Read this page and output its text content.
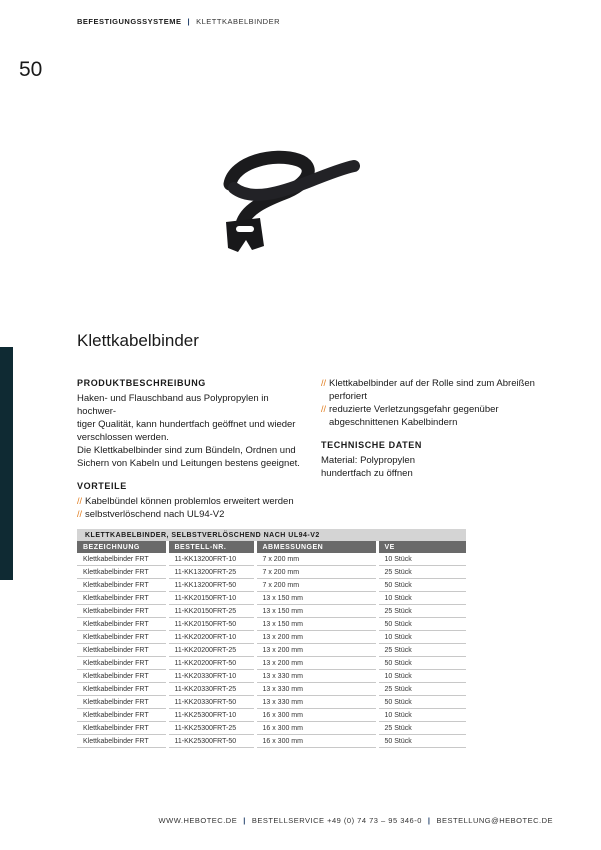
BEFESTIGUNGSSYSTEME | KLETTKABELBINDER
50
Klettkabelbinder
PRODUKTBESCHREIBUNG

Haken- und Flauschband aus Polypropylen in hochwer-

tiger Qualität, kann hundertfach geöffnet und wieder

verschlossen werden.

Die Klettkabelbinder sind zum Bündeln, Ordnen und

Sichern von Kabeln und Leitungen bestens geeignet.

VORTEILE
// Kabelbündel können problemlos erweitert werden
// selbstverlöschend nach UL94-V2
// Klettkabelbinder auf der Rolle sind zum Abreißen perforiert
// reduzierte Verletzungsgefahr gegenüber abgeschnittenen Kabelbindern
TECHNISCHE DATEN

Material: Polypropylen

hundertfach zu öffnen

KLETTKABELBINDER, SELBSTVERLÖSCHEND NACH UL94-V2			
BEZEICHNUNG	BESTELL-NR.	ABMESSUNGEN	VE
Klettkabelbinder FRT	11-KK13200FRT-10	7 x 200 mm	10 Stück
Klettkabelbinder FRT	11-KK13200FRT-25	7 x 200 mm	25 Stück
Klettkabelbinder FRT	11-KK13200FRT-50	7 x 200 mm	50 Stück
Klettkabelbinder FRT	11-KK20150FRT-10	13 x 150 mm	10 Stück
Klettkabelbinder FRT	11-KK20150FRT-25	13 x 150 mm	25 Stück
Klettkabelbinder FRT	11-KK20150FRT-50	13 x 150 mm	50 Stück
Klettkabelbinder FRT	11-KK20200FRT-10	13 x 200 mm	10 Stück
Klettkabelbinder FRT	11-KK20200FRT-25	13 x 200 mm	25 Stück
Klettkabelbinder FRT	11-KK20200FRT-50	13 x 200 mm	50 Stück
Klettkabelbinder FRT	11-KK20330FRT-10	13 x 330 mm	10 Stück
Klettkabelbinder FRT	11-KK20330FRT-25	13 x 330 mm	25 Stück
Klettkabelbinder FRT	11-KK20330FRT-50	13 x 330 mm	50 Stück
Klettkabelbinder FRT	11-KK25300FRT-10	16 x 300 mm	10 Stück
Klettkabelbinder FRT	11-KK25300FRT-25	16 x 300 mm	25 Stück
Klettkabelbinder FRT	11-KK25300FRT-50	16 x 300 mm	50 Stück
WWW.HEBOTEC.DE | BESTELLSERVICE +49 (0) 74 73 – 95 346-0 | BESTELLUNG@HEBOTEC.DE
